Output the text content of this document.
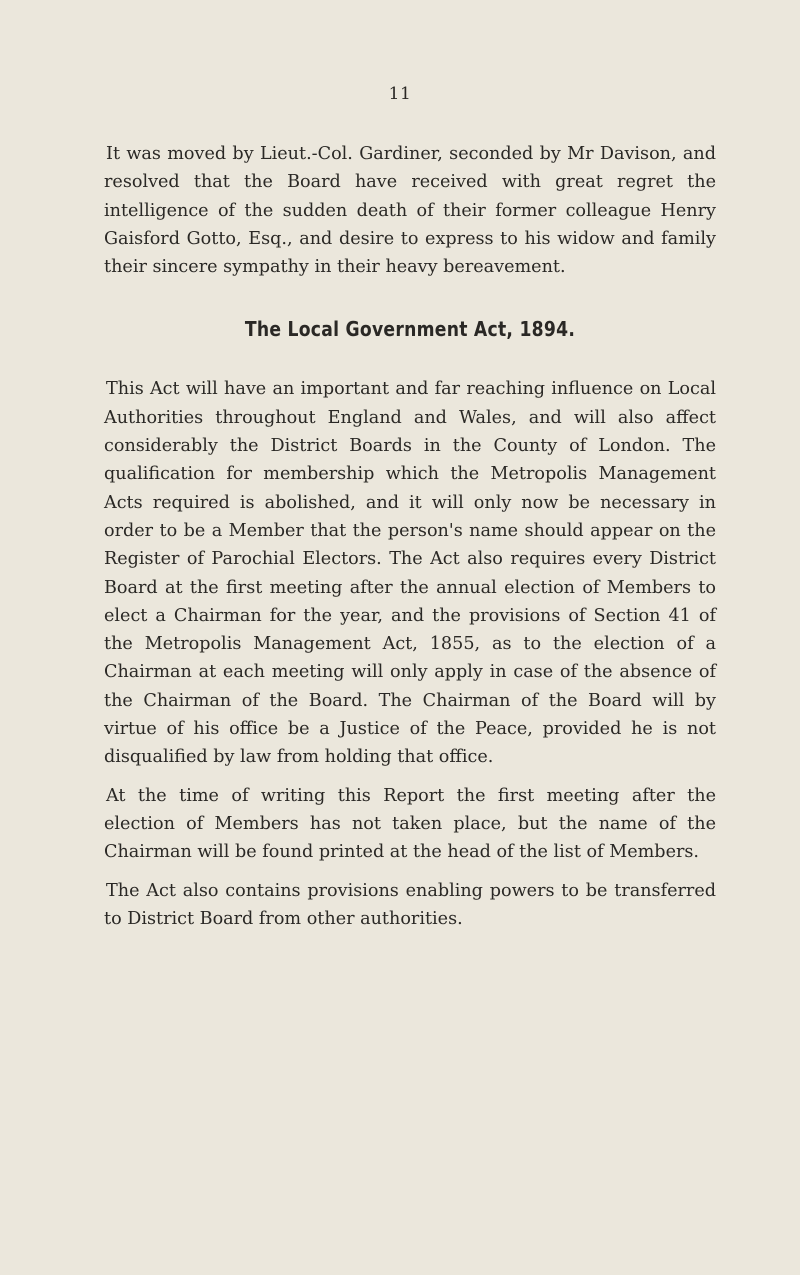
11

It was moved by Lieut.-Col. Gardiner, seconded by Mr Davison, and resolved that the Board have received with great regret the intelligence of the sudden death of their former colleague Henry Gaisford Gotto, Esq., and desire to express to his widow and family their sincere sympathy in their heavy bereavement.

The Local Government Act, 1894.

This Act will have an important and far reaching influence on Local Authorities throughout England and Wales, and will also affect considerably the District Boards in the County of London. The qualification for membership which the Metropolis Management Acts required is abolished, and it will only now be necessary in order to be a Member that the person's name should appear on the Register of Parochial Electors. The Act also requires every District Board at the first meeting after the annual election of Members to elect a Chairman for the year, and the provisions of Section 41 of the Metropolis Management Act, 1855, as to the election of a Chairman at each meeting will only apply in case of the absence of the Chairman of the Board. The Chairman of the Board will by virtue of his office be a Justice of the Peace, provided he is not disqualified by law from holding that office.

At the time of writing this Report the first meeting after the election of Members has not taken place, but the name of the Chairman will be found printed at the head of the list of Members.

The Act also contains provisions enabling powers to be transferred to District Board from other authorities.
